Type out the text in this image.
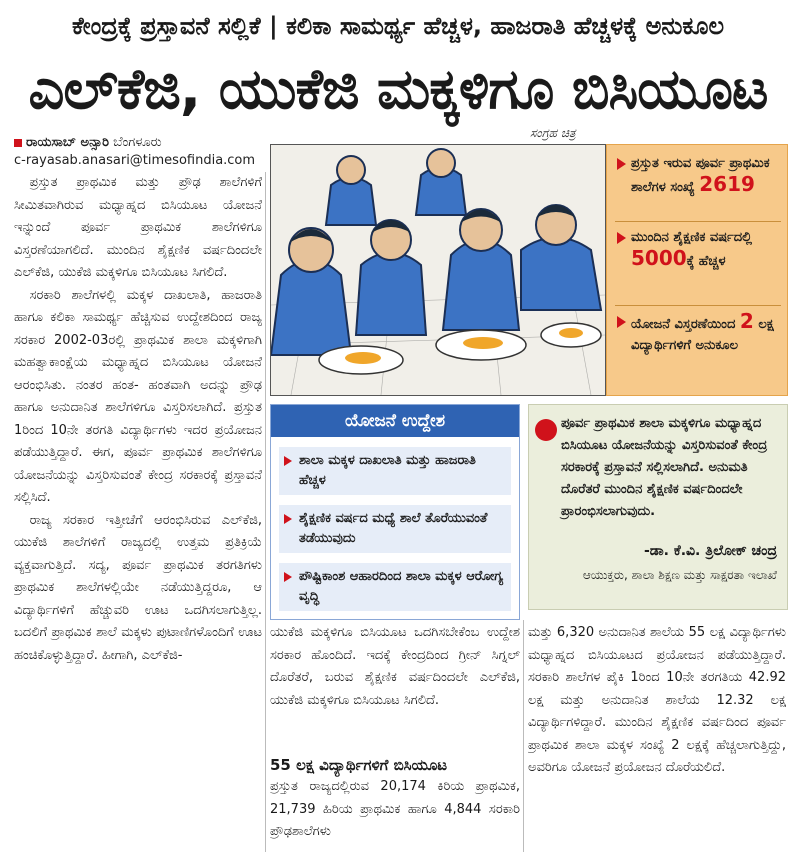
ಕೇಂದ್ರಕ್ಕೆ ಪ್ರಸ್ತಾವನೆ ಸಲ್ಲಿಕೆ | ಕಲಿಕಾ ಸಾಮರ್ಥ್ಯ ಹೆಚ್ಚಳ, ಹಾಜರಾತಿ ಹೆಚ್ಚಳಕ್ಕೆ ಅನುಕೂಲ
ಎಲ್‌ಕೆಜಿ, ಯುಕೆಜಿ ಮಕ್ಕಳಿಗೂ ಬಿಸಿಯೂಟ
ರಾಯಸಾಬ್ ಅನ್ಸಾರಿ ಬೆಂಗಳೂರು
c-rayasab.anasari@timesofindia.com

ಪ್ರಸ್ತುತ ಪ್ರಾಥಮಿಕ ಮತ್ತು ಪ್ರೌಢ ಶಾಲೆಗಳಿಗೆ ಸೀಮಿತವಾಗಿರುವ ಮಧ್ಯಾಹ್ನದ ಬಿಸಿಯೂಟ ಯೋಜನೆ ಇನ್ನುಂದೆ ಪೂರ್ವ ಪ್ರಾಥಮಿಕ ಶಾಲೆಗಳಿಗೂ ವಿಸ್ತರಣೆಯಾಗಲಿದೆ. ಮುಂದಿನ ಶೈಕ್ಷಣಿಕ ವರ್ಷದಿಂದಲೇ ಎಲ್‌ಕೆಜಿ, ಯುಕೆಜಿ ಮಕ್ಕಳಿಗೂ ಬಿಸಿಯೂಟ ಸಿಗಲಿದೆ.

ಸರಕಾರಿ ಶಾಲೆಗಳಲ್ಲಿ ಮಕ್ಕಳ ದಾಖಲಾತಿ, ಹಾಜರಾತಿ ಹಾಗೂ ಕಲಿಕಾ ಸಾಮರ್ಥ್ಯ ಹೆಚ್ಚಿಸುವ ಉದ್ದೇಶದಿಂದ ರಾಜ್ಯ ಸರಕಾರ 2002-03ರಲ್ಲಿ ಪ್ರಾಥಮಿಕ ಶಾಲಾ ಮಕ್ಕಳಿಗಾಗಿ ಮಹತ್ವಾಕಾಂಕ್ಷೆಯ ಮಧ್ಯಾಹ್ನದ ಬಿಸಿಯೂಟ ಯೋಜನೆ ಆರಂಭಿಸಿತು. ನಂತರ ಹಂತ- ಹಂತವಾಗಿ ಅದನ್ನು ಪ್ರೌಢ ಹಾಗೂ ಅನುದಾನಿತ ಶಾಲೆಗಳಿಗೂ ವಿಸ್ತರಿಸಲಾಗಿದೆ. ಪ್ರಸ್ತುತ 1ರಿಂದ 10ನೇ ತರಗತಿ ವಿದ್ಯಾರ್ಥಿಗಳು ಇದರ ಪ್ರಯೋಜನ ಪಡೆಯುತ್ತಿದ್ದಾರೆ. ಈಗ, ಪೂರ್ವ ಪ್ರಾಥಮಿಕ ಶಾಲೆಗಳಿಗೂ ಯೋಜನೆಯನ್ನು ವಿಸ್ತರಿಸುವಂತೆ ಕೇಂದ್ರ ಸರಕಾರಕ್ಕೆ ಪ್ರಸ್ತಾವನೆ ಸಲ್ಲಿಸಿದೆ.

ರಾಜ್ಯ ಸರಕಾರ ಇತ್ತೀಚೆಗೆ ಆರಂಭಿಸಿರುವ ಎಲ್‌ಕೆಜಿ, ಯುಕೆಜಿ ಶಾಲೆಗಳಿಗೆ ರಾಜ್ಯದಲ್ಲಿ ಉತ್ತಮ ಪ್ರತಿಕ್ರಿಯೆ ವ್ಯಕ್ತವಾಗುತ್ತಿದೆ. ಸದ್ಯ, ಪೂರ್ವ ಪ್ರಾಥಮಿಕ ತರಗತಿಗಳು ಪ್ರಾಥಮಿಕ ಶಾಲೆಗಳಲ್ಲಿಯೇ ನಡೆಯುತ್ತಿದ್ದರೂ, ಆ ವಿದ್ಯಾರ್ಥಿಗಳಿಗೆ ಹೆಚ್ಚುವರಿ ಊಟ ಒದಗಿಸಲಾಗುತ್ತಿಲ್ಲ. ಬದಲಿಗೆ ಪ್ರಾಥಮಿಕ ಶಾಲೆ ಮಕ್ಕಳು ಪುಟಾಣಿಗಳೊಂದಿಗೆ ಊಟ ಹಂಚಿಕೊಳ್ಳುತ್ತಿದ್ದಾರೆ. ಹೀಗಾಗಿ, ಎಲ್‌ಕೆಜಿ-

ಸಂಗ್ರಹ ಚಿತ್ರ
ಪ್ರಸ್ತುತ ಇರುವ ಪೂರ್ವ ಪ್ರಾಥಮಿಕ ಶಾಲೆಗಳ ಸಂಖ್ಯೆ 2619
ಮುಂದಿನ ಶೈಕ್ಷಣಿಕ ವರ್ಷದಲ್ಲಿ 5000ಕ್ಕೆ ಹೆಚ್ಚಳ
ಯೋಜನೆ ವಿಸ್ತರಣೆಯಿಂದ 2 ಲಕ್ಷ ವಿದ್ಯಾರ್ಥಿಗಳಿಗೆ ಅನುಕೂಲ
ಯೋಜನೆ ಉದ್ದೇಶ
ಶಾಲಾ ಮಕ್ಕಳ ದಾಖಲಾತಿ ಮತ್ತು ಹಾಜರಾತಿ ಹೆಚ್ಚಳ
ಶೈಕ್ಷಣಿಕ ವರ್ಷದ ಮಧ್ಯೆ ಶಾಲೆ ತೊರೆಯುವಂತೆ ತಡೆಯುವುದು
ಪೌಷ್ಟಿಕಾಂಶ ಆಹಾರದಿಂದ ಶಾಲಾ ಮಕ್ಕಳ ಆರೋಗ್ಯ ವೃದ್ಧಿ
ಪೂರ್ವ ಪ್ರಾಥಮಿಕ ಶಾಲಾ ಮಕ್ಕಳಿಗೂ ಮಧ್ಯಾಹ್ನದ ಬಿಸಿಯೂಟ ಯೋಜನೆಯನ್ನು ವಿಸ್ತರಿಸುವಂತೆ ಕೇಂದ್ರ ಸರಕಾರಕ್ಕೆ ಪ್ರಸ್ತಾವನೆ ಸಲ್ಲಿಸಲಾಗಿದೆ. ಅನುಮತಿ ದೊರೆತರೆ ಮುಂದಿನ ಶೈಕ್ಷಣಿಕ ವರ್ಷದಿಂದಲೇ ಪ್ರಾರಂಭಿಸಲಾಗುವುದು.
-ಡಾ. ಕೆ.ವಿ. ತ್ರಿಲೋಕ್ ಚಂದ್ರ
ಆಯುಕ್ತರು, ಶಾಲಾ ಶಿಕ್ಷಣ ಮತ್ತು ಸಾಕ್ಷರತಾ ಇಲಾಖೆ

ಯುಕೆಜಿ ಮಕ್ಕಳಿಗೂ ಬಿಸಿಯೂಟ ಒದಗಿಸಬೇಕೆಂಬ ಉದ್ದೇಶ ಸರಕಾರ ಹೊಂದಿದೆ. ಇದಕ್ಕೆ ಕೇಂದ್ರದಿಂದ ಗ್ರೀನ್ ಸಿಗ್ನಲ್ ದೊರೆತರೆ, ಬರುವ ಶೈಕ್ಷಣಿಕ ವರ್ಷದಿಂದಲೇ ಎಲ್‌ಕೆಜಿ, ಯುಕೆಜಿ ಮಕ್ಕಳಿಗೂ ಬಿಸಿಯೂಟ ಸಿಗಲಿದೆ.

55 ಲಕ್ಷ ವಿದ್ಯಾರ್ಥಿಗಳಿಗೆ ಬಿಸಿಯೂಟ

ಪ್ರಸ್ತುತ ರಾಜ್ಯದಲ್ಲಿರುವ 20,174 ಕಿರಿಯ ಪ್ರಾಥಮಿಕ, 21,739 ಹಿರಿಯ ಪ್ರಾಥಮಿಕ ಹಾಗೂ 4,844 ಸರಕಾರಿ ಪ್ರೌಢಶಾಲೆಗಳು

ಮತ್ತು 6,320 ಅನುದಾನಿತ ಶಾಲೆಯ 55 ಲಕ್ಷ ವಿದ್ಯಾರ್ಥಿಗಳು ಮಧ್ಯಾಹ್ನದ ಬಿಸಿಯೂಟದ ಪ್ರಯೋಜನ ಪಡೆಯುತ್ತಿದ್ದಾರೆ. ಸರಕಾರಿ ಶಾಲೆಗಳ ಪೈಕಿ 1ರಿಂದ 10ನೇ ತರಗತಿಯ 42.92 ಲಕ್ಷ ಮತ್ತು ಅನುದಾನಿತ ಶಾಲೆಯ 12.32 ಲಕ್ಷ ವಿದ್ಯಾರ್ಥಿಗಳಿದ್ದಾರೆ. ಮುಂದಿನ ಶೈಕ್ಷಣಿಕ ವರ್ಷದಿಂದ ಪೂರ್ವ ಪ್ರಾಥಮಿಕ ಶಾಲಾ ಮಕ್ಕಳ ಸಂಖ್ಯೆ 2 ಲಕ್ಷಕ್ಕೆ ಹೆಚ್ಚಲಾಗುತ್ತಿದ್ದು, ಅವರಿಗೂ ಯೋಜನೆ ಪ್ರಯೋಜನ ದೊರೆಯಲಿದೆ.
